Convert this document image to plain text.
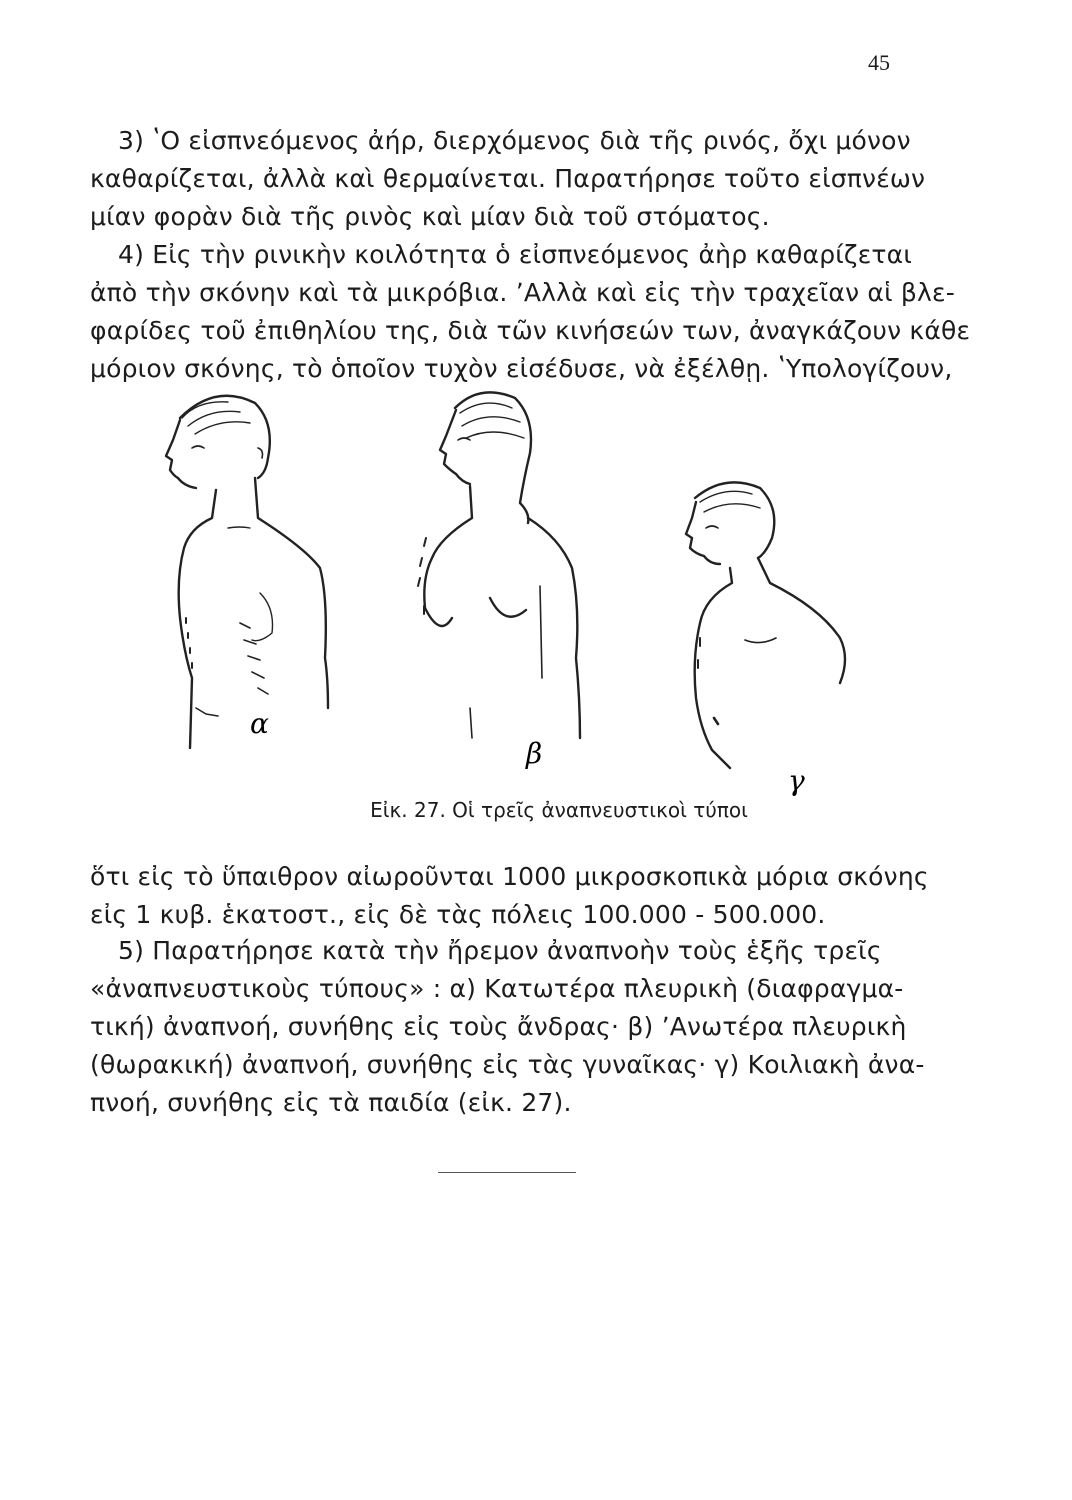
45

3) ʽΟ εἰσπνεόμενος ἀήρ, διερχόμενος διὰ τῆς ρινός, ὄχι μόνον
καθαρίζεται, ἀλλὰ καὶ θερμαίνεται. Παρατήρησε τοῦτο εἰσπνέων
μίαν φορὰν διὰ τῆς ρινὸς καὶ μίαν διὰ τοῦ στόματος.

4) Εἰς τὴν ρινικὴν κοιλότητα ὁ εἰσπνεόμενος ἀὴρ καθαρίζεται
ἀπὸ τὴν σκόνην καὶ τὰ μικρόβια. ʼΑλλὰ καὶ εἰς τὴν τραχεῖαν αἱ βλε-
φαρίδες τοῦ ἐπιθηλίου της, διὰ τῶν κινήσεών των, ἀναγκάζουν κάθε
μόριον σκόνης, τὸ ὁποῖον τυχὸν εἰσέδυσε, νὰ ἐξέλθῃ. ʽΥπολογίζουν,

α
β
γ
Εἰκ. 27. Οἱ τρεῖς ἀναπνευστικοὶ τύποι

ὅτι εἰς τὸ ὕπαιθρον αἰωροῦνται 1000 μικροσκοπικὰ μόρια σκόνης
εἰς 1 κυβ. ἑκατοστ., εἰς δὲ τὰς πόλεις 100.000 - 500.000.

5) Παρατήρησε κατὰ τὴν ἤρεμον ἀναπνοὴν τοὺς ἑξῆς τρεῖς
«ἀναπνευστικοὺς τύπους» : α) Κατωτέρα πλευρικὴ (διαφραγμα-
τική) ἀναπνοή, συνήθης εἰς τοὺς ἄνδρας· β) ʼΑνωτέρα πλευρικὴ
(θωρακική) ἀναπνοή, συνήθης εἰς τὰς γυναῖκας· γ) Κοιλιακὴ ἀνα-
πνοή, συνήθης εἰς τὰ παιδία (εἰκ. 27).
